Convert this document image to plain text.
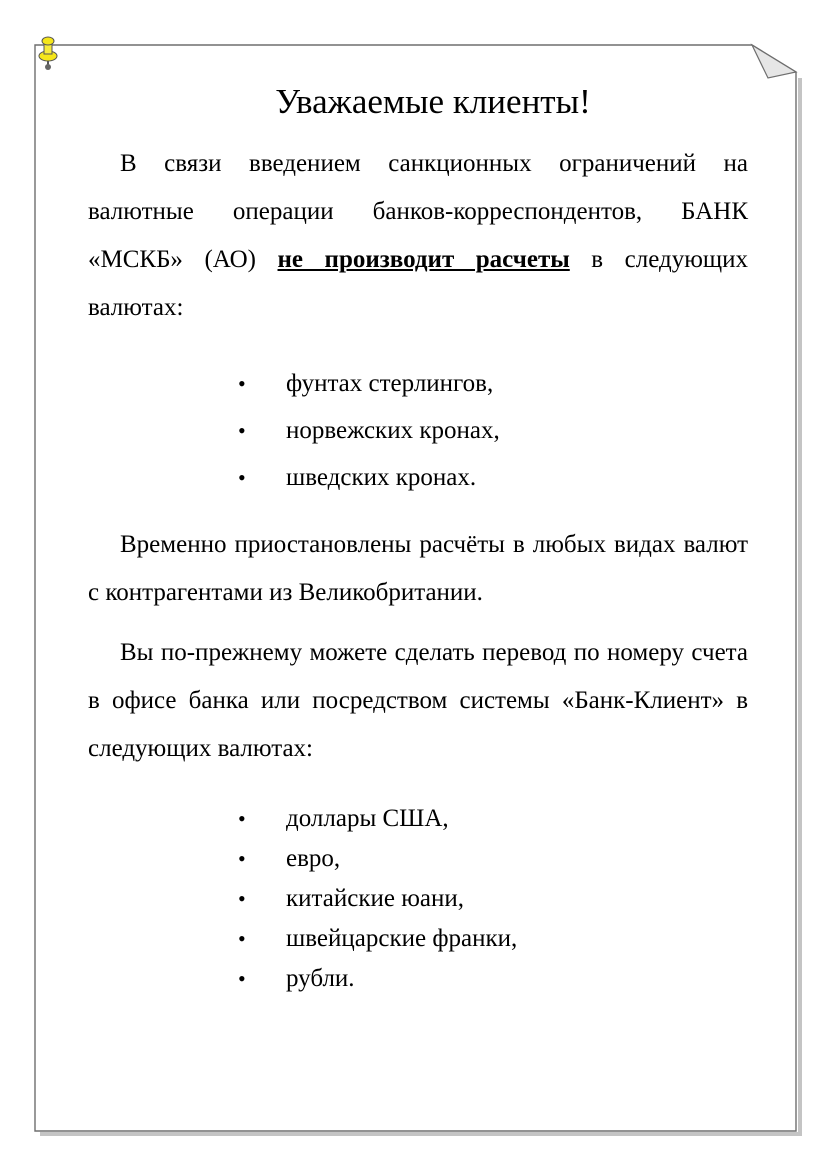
Уважаемые клиенты!

В связи введением санкционных ограничений на валютные операции банков-корреспондентов, БАНК «МСКБ» (АО) не производит расчеты в следующих валютах:

• фунтах стерлингов,
• норвежских кронах,
• шведских кронах.

Временно приостановлены расчёты в любых видах валют с контрагентами из Великобритании.

Вы по-прежнему можете сделать перевод по номеру счета в офисе банка или посредством системы «Банк-Клиент» в следующих валютах:

• доллары США,
• евро,
• китайские юани,
• швейцарские франки,
• рубли.
